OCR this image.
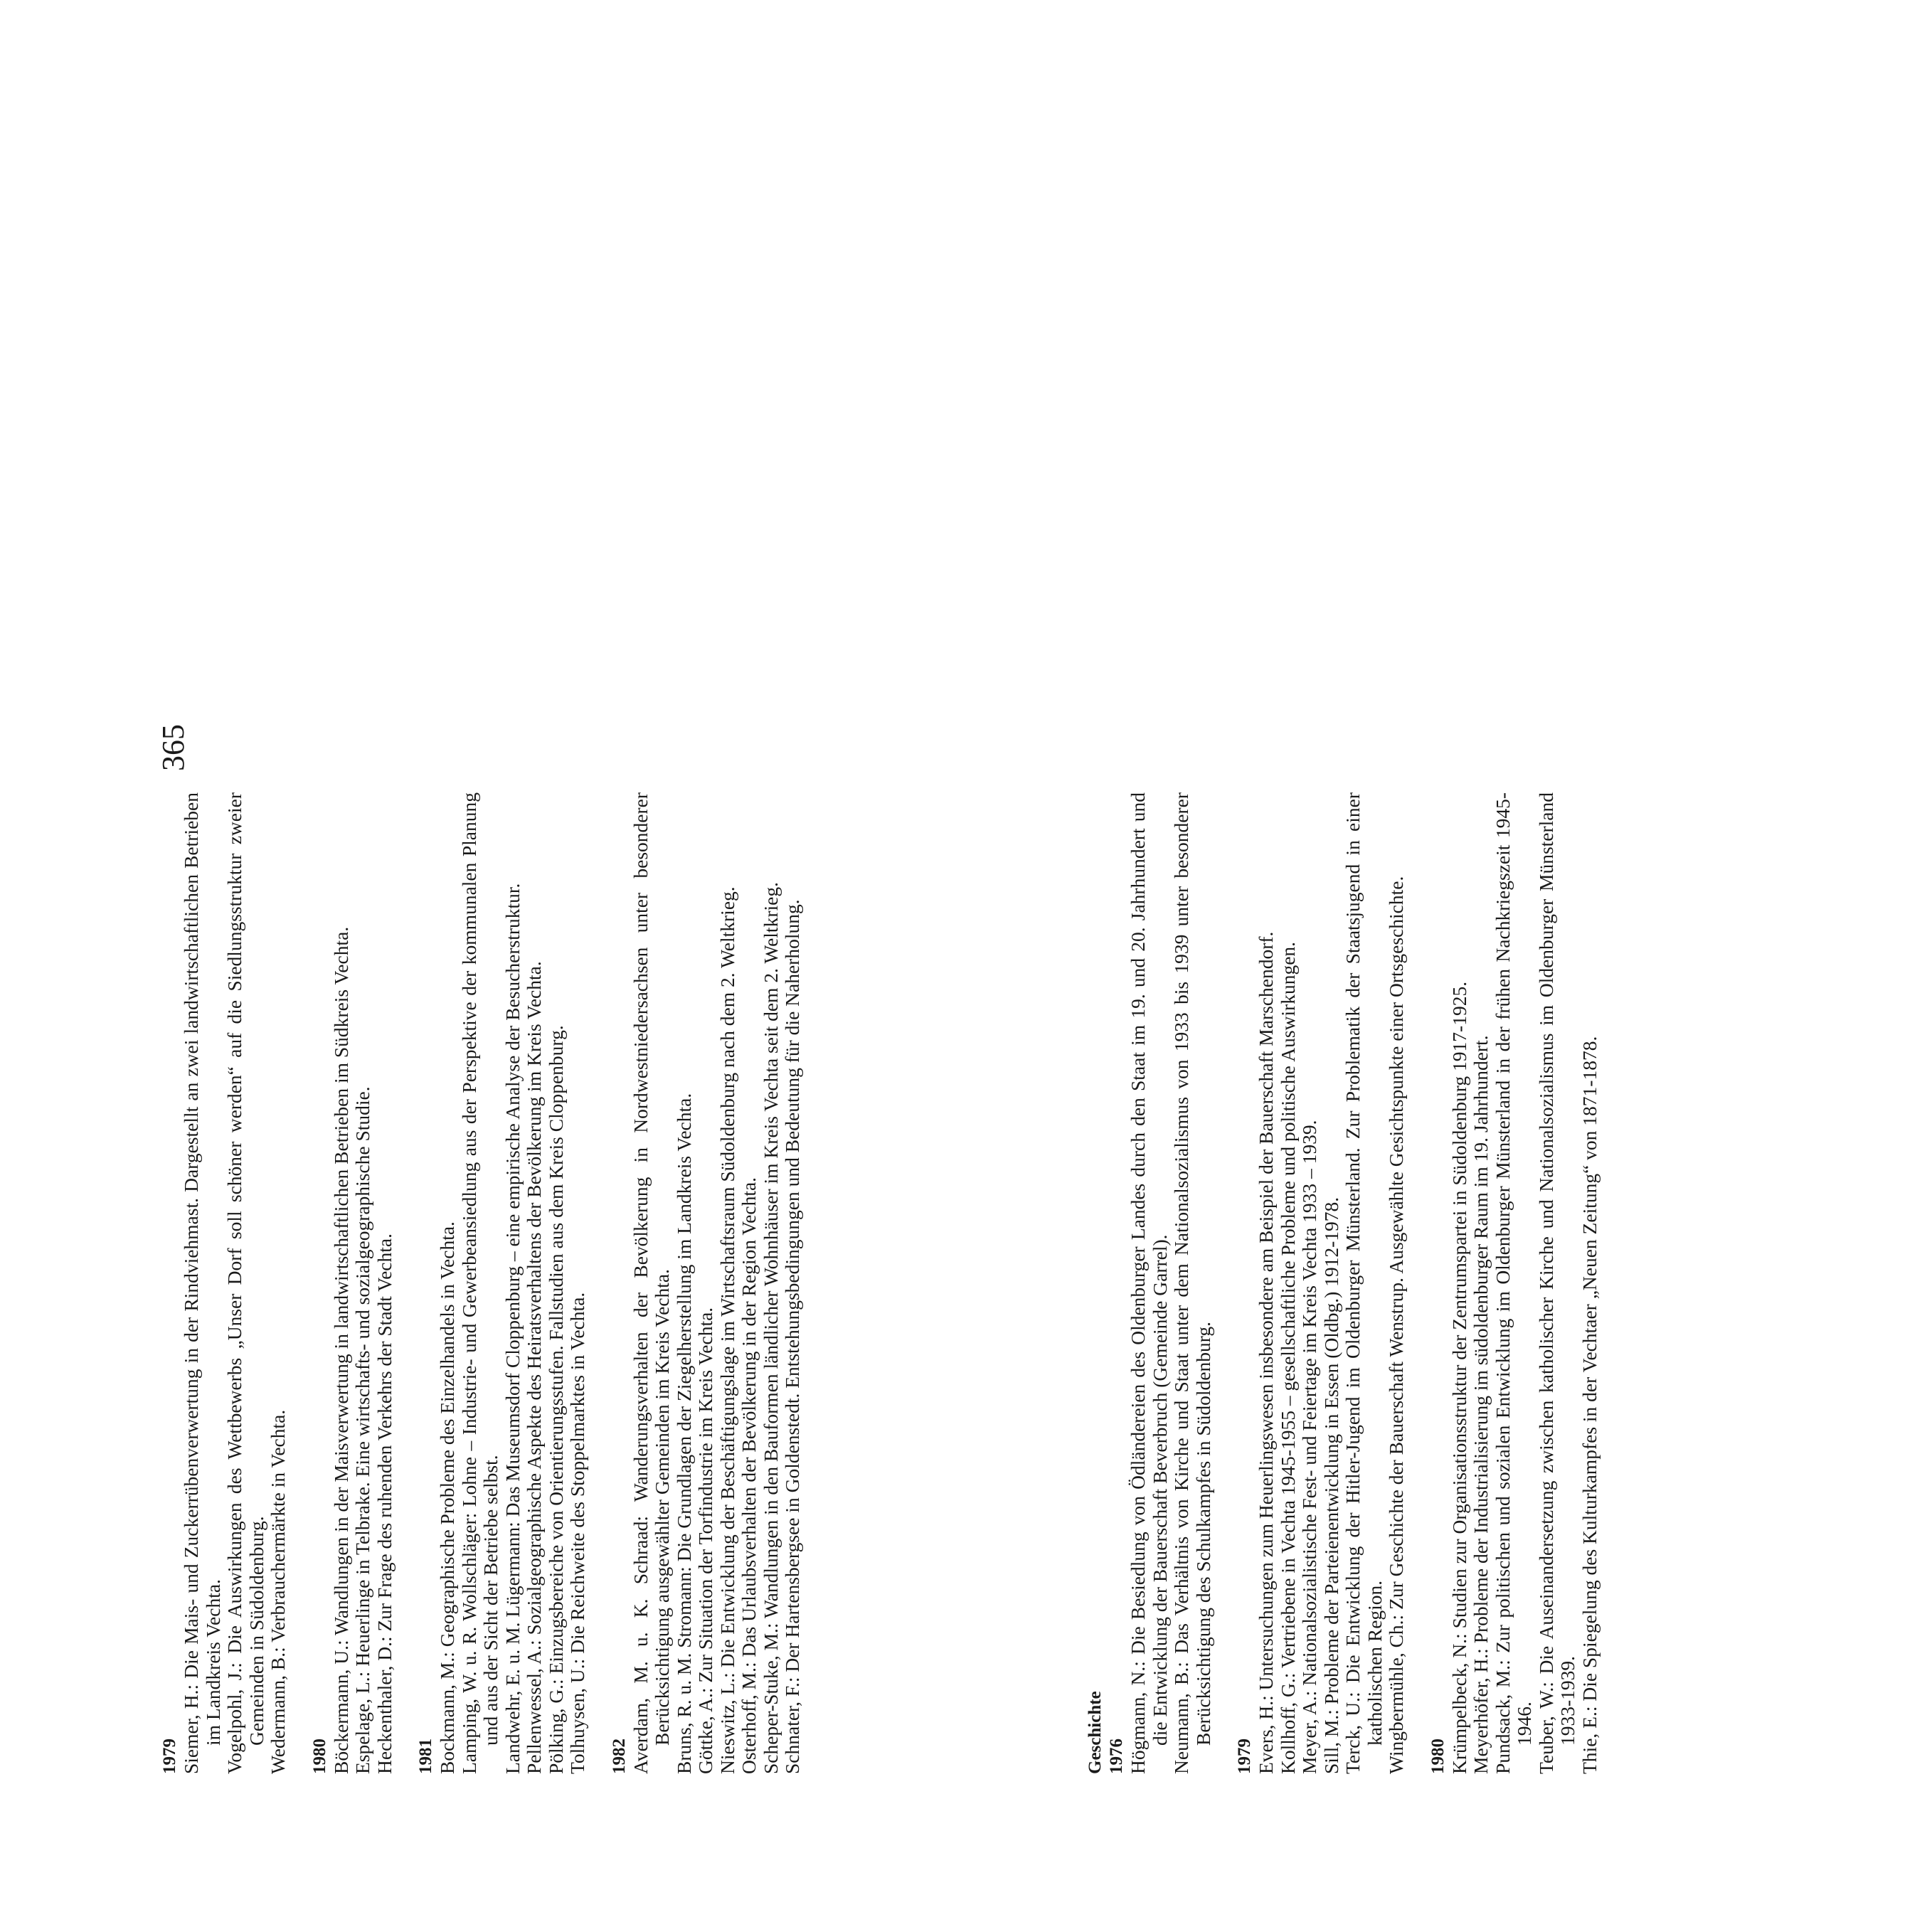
365

1979 Siemer, H.: Die Mais- und Zuckerrübenverwertung in der Rindviehmast. Dargestellt an zwei landwirtschaftlichen Betrieben im Landkreis Vechta. Vogelpohl, J.: Die Auswirkungen des Wettbewerbs „Unser Dorf soll schöner werden“ auf die Siedlungsstruktur zweier Gemeinden in Südoldenburg. Wedermann, B.: Verbrauchermärkte in Vechta. 1980 Böckermann, U.: Wandlungen in der Maisverwertung in landwirtschaftlichen Betrieben im Südkreis Vechta. Espelage, L.: Heuerlinge in Telbrake. Eine wirtschafts- und sozialgeographische Studie. Heckenthaler, D.: Zur Frage des ruhenden Verkehrs der Stadt Vechta. 1981 Bockmann, M.: Geographische Probleme des Einzelhandels in Vechta. Lamping, W. u. R. Wollschläger: Lohne – Industrie- und Gewerbeansiedlung aus der Perspektive der kommunalen Planung und aus der Sicht der Betriebe selbst. Landwehr, E. u. M. Lügermann: Das Museumsdorf Cloppenburg – eine empirische Analyse der Besucherstruktur. Pellenwessel, A.: Sozialgeographische Aspekte des Heiratsverhaltens der Bevölkerung im Kreis Vechta. Pölking, G.: Einzugsbereiche von Orientierungsstufen. Fallstudien aus dem Kreis Cloppenburg. Tolhuysen, U.: Die Reichweite des Stoppelmarktes in Vechta. 1982 Averdam, M. u. K. Schraad: Wanderungsverhalten der Bevölkerung in Nordwestniedersachsen unter besonderer Berücksichtigung ausgewählter Gemeinden im Kreis Vechta. Bruns, R. u. M. Stromann: Die Grundlagen der Ziegelherstellung im Landkreis Vechta. Göttke, A.: Zur Situation der Torfindustrie im Kreis Vechta. Nieswitz, L.: Die Entwicklung der Beschäftigungslage im Wirtschaftsraum Südoldenburg nach dem 2. Weltkrieg. Osterhoff, M.: Das Urlaubsverhalten der Bevölkerung in der Region Vechta. Scheper-Stuke, M.: Wandlungen in den Bauformen ländlicher Wohnhäuser im Kreis Vechta seit dem 2. Weltkrieg. Schnater, F.: Der Hartensbergsee in Goldenstedt. Entstehungsbedingungen und Bedeutung für die Naherholung.	Geschichte 1976 Högmann, N.: Die Besiedlung von Ödländereien des Oldenburger Landes durch den Staat im 19. und 20. Jahrhundert und die Entwicklung der Bauerschaft Beverbruch (Gemeinde Garrel). Neumann, B.: Das Verhältnis von Kirche und Staat unter dem Nationalsozialismus von 1933 bis 1939 unter besonderer Berücksichtigung des Schulkampfes in Südoldenburg.

1979 Evers, H.: Untersuchungen zum Heuerlingswesen insbesondere am Beispiel der Bauerschaft Marschendorf. Kollhoff, G.: Vertriebene in Vechta 1945-1955 – gesellschaftliche Probleme und politische Auswirkungen. Meyer, A.: Nationalsozialistische Fest- und Feiertage im Kreis Vechta 1933 – 1939. Sill, M.: Probleme der Parteienentwicklung in Essen (Oldbg.) 1912-1978. Terck, U.: Die Entwicklung der Hitler-Jugend im Oldenburger Münsterland. Zur Problematik der Staatsjugend in einer katholischen Region. Wingbermühle, Ch.: Zur Geschichte der Bauerschaft Wenstrup. Ausgewählte Gesichtspunkte einer Ortsgeschichte. 1980 Krümpelbeck, N.: Studien zur Organisationsstruktur der Zentrumspartei in Südoldenburg 1917-1925. Meyerhöfer, H.: Probleme der Industrialisierung im südoldenburger Raum im 19. Jahrhundert. Pundsack, M.: Zur politischen und sozialen Entwicklung im Oldenburger Münsterland in der frühen Nachkriegszeit 1945-1946. Teuber, W.: Die Auseinandersetzung zwischen katholischer Kirche und Nationalsozialismus im Oldenburger Münsterland 1933-1939. Thie, E.: Die Spiegelung des Kulturkampfes in der Vechtaer „Neuen Zeitung“ von 1871-1878.
